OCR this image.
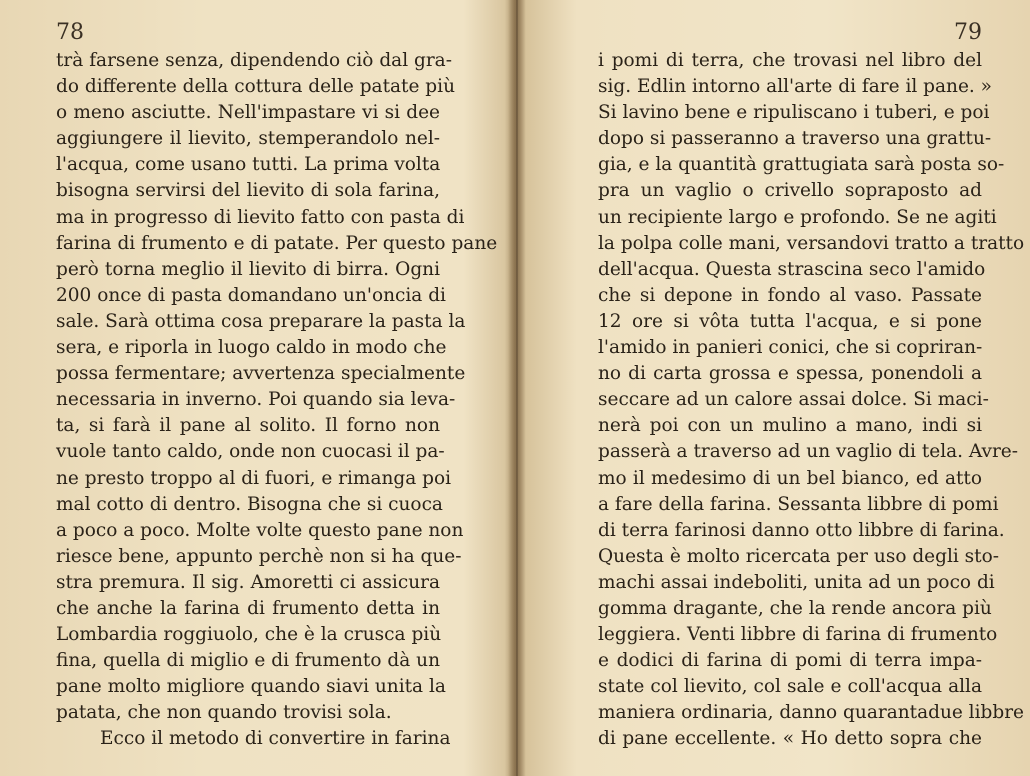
78
trà farsene senza, dipendendo ciò dal gra-
do differente della cottura delle patate più
o meno asciutte. Nell'impastare vi si dee
aggiungere il lievito, stemperandolo nel-
l'acqua, come usano tutti. La prima volta
bisogna servirsi del lievito di sola farina,
ma in progresso di lievito fatto con pasta di
farina di frumento e di patate. Per questo pane
però torna meglio il lievito di birra. Ogni
200 once di pasta domandano un'oncia di
sale. Sarà ottima cosa preparare la pasta la
sera, e riporla in luogo caldo in modo che
possa fermentare; avvertenza specialmente
necessaria in inverno. Poi quando sia leva-
ta, si farà il pane al solito. Il forno non
vuole tanto caldo, onde non cuocasi il pa-
ne presto troppo al di fuori, e rimanga poi
mal cotto di dentro. Bisogna che si cuoca
a poco a poco. Molte volte questo pane non
riesce bene, appunto perchè non si ha que-
stra premura. Il sig. Amoretti ci assicura
che anche la farina di frumento detta in
Lombardia roggiuolo, che è la crusca più
fina, quella di miglio e di frumento dà un
pane molto migliore quando siavi unita la
patata, che non quando trovisi sola.
Ecco il metodo di convertire in farina
79
i pomi di terra, che trovasi nel libro del
sig. Edlin intorno all'arte di fare il pane. »
Si lavino bene e ripuliscano i tuberi, e poi
dopo si passeranno a traverso una grattu-
gia, e la quantità grattugiata sarà posta so-
pra un vaglio o crivello sopraposto ad
un recipiente largo e profondo. Se ne agiti
la polpa colle mani, versandovi tratto a tratto
dell'acqua. Questa strascina seco l'amido
che si depone in fondo al vaso. Passate
12 ore si vôta tutta l'acqua, e si pone
l'amido in panieri conici, che si copriran-
no di carta grossa e spessa, ponendoli a
seccare ad un calore assai dolce. Si maci-
nerà poi con un mulino a mano, indi si
passerà a traverso ad un vaglio di tela. Avre-
mo il medesimo di un bel bianco, ed atto
a fare della farina. Sessanta libbre di pomi
di terra farinosi danno otto libbre di farina.
Questa è molto ricercata per uso degli sto-
machi assai indeboliti, unita ad un poco di
gomma dragante, che la rende ancora più
leggiera. Venti libbre di farina di frumento
e dodici di farina di pomi di terra impa-
state col lievito, col sale e coll'acqua alla
maniera ordinaria, danno quarantadue libbre
di pane eccellente. « Ho detto sopra che
